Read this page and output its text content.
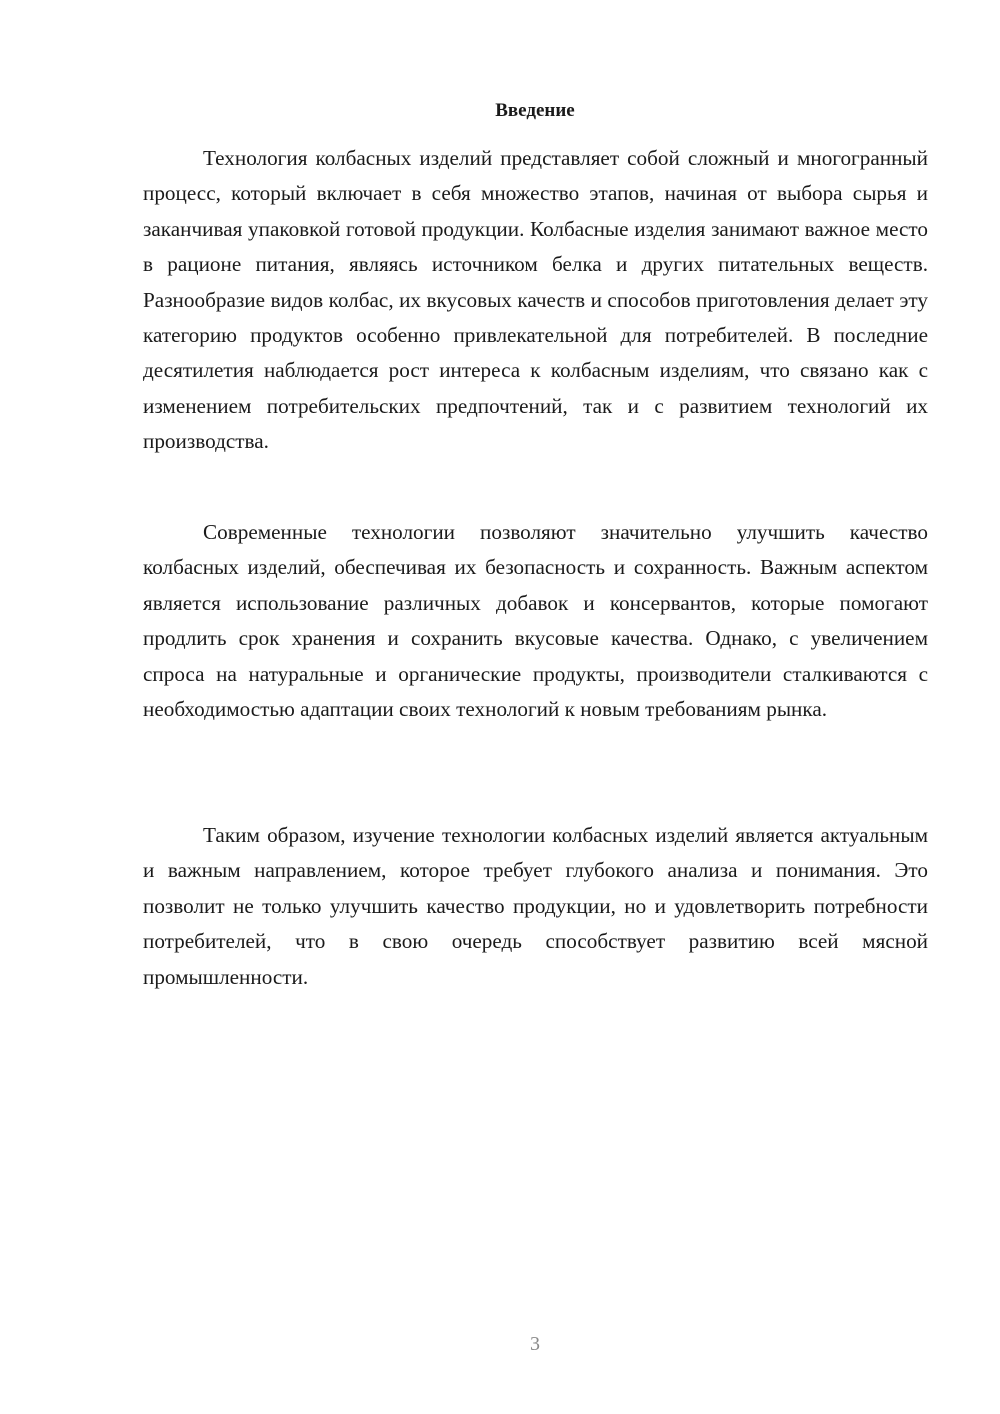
Введение

Технология колбасных изделий представляет собой сложный и многогранный процесс, который включает в себя множество этапов, начиная от выбора сырья и заканчивая упаковкой готовой продукции. Колбасные изделия занимают важное место в рационе питания, являясь источником белка и других питательных веществ. Разнообразие видов колбас, их вкусовых качеств и способов приготовления делает эту категорию продуктов особенно привлекательной для потребителей. В последние десятилетия наблюдается рост интереса к колбасным изделиям, что связано как с изменением потребительских предпочтений, так и с развитием технологий их производства.

Современные технологии позволяют значительно улучшить качество колбасных изделий, обеспечивая их безопасность и сохранность. Важным аспектом является использование различных добавок и консервантов, которые помогают продлить срок хранения и сохранить вкусовые качества. Однако, с увеличением спроса на натуральные и органические продукты, производители сталкиваются с необходимостью адаптации своих технологий к новым требованиям рынка.

Таким образом, изучение технологии колбасных изделий является актуальным и важным направлением, которое требует глубокого анализа и понимания. Это позволит не только улучшить качество продукции, но и удовлетворить потребности потребителей, что в свою очередь способствует развитию всей мясной промышленности.

3
